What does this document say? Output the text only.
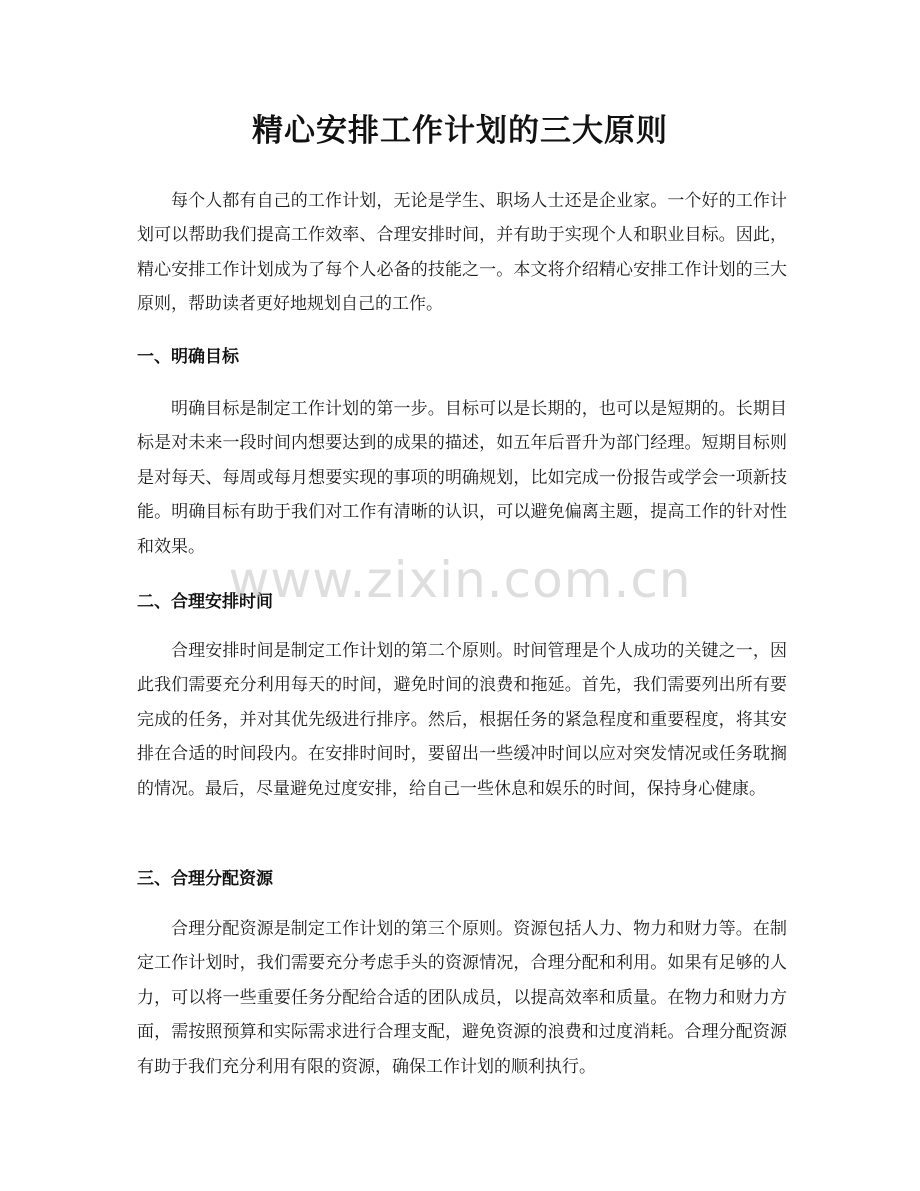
精心安排工作计划的三大原则

每个人都有自己的工作计划，无论是学生、职场人士还是企业家。一个好的工作计划可以帮助我们提高工作效率、合理安排时间，并有助于实现个人和职业目标。因此，精心安排工作计划成为了每个人必备的技能之一。本文将介绍精心安排工作计划的三大原则，帮助读者更好地规划自己的工作。

一、明确目标

明确目标是制定工作计划的第一步。目标可以是长期的，也可以是短期的。长期目标是对未来一段时间内想要达到的成果的描述，如五年后晋升为部门经理。短期目标则是对每天、每周或每月想要实现的事项的明确规划，比如完成一份报告或学会一项新技能。明确目标有助于我们对工作有清晰的认识，可以避免偏离主题，提高工作的针对性和效果。

二、合理安排时间

合理安排时间是制定工作计划的第二个原则。时间管理是个人成功的关键之一，因此我们需要充分利用每天的时间，避免时间的浪费和拖延。首先，我们需要列出所有要完成的任务，并对其优先级进行排序。然后，根据任务的紧急程度和重要程度，将其安排在合适的时间段内。在安排时间时，要留出一些缓冲时间以应对突发情况或任务耽搁的情况。最后，尽量避免过度安排，给自己一些休息和娱乐的时间，保持身心健康。

三、合理分配资源

合理分配资源是制定工作计划的第三个原则。资源包括人力、物力和财力等。在制定工作计划时，我们需要充分考虑手头的资源情况，合理分配和利用。如果有足够的人力，可以将一些重要任务分配给合适的团队成员，以提高效率和质量。在物力和财力方面，需按照预算和实际需求进行合理支配，避免资源的浪费和过度消耗。合理分配资源有助于我们充分利用有限的资源，确保工作计划的顺利执行。

www.zixin.com.cn
